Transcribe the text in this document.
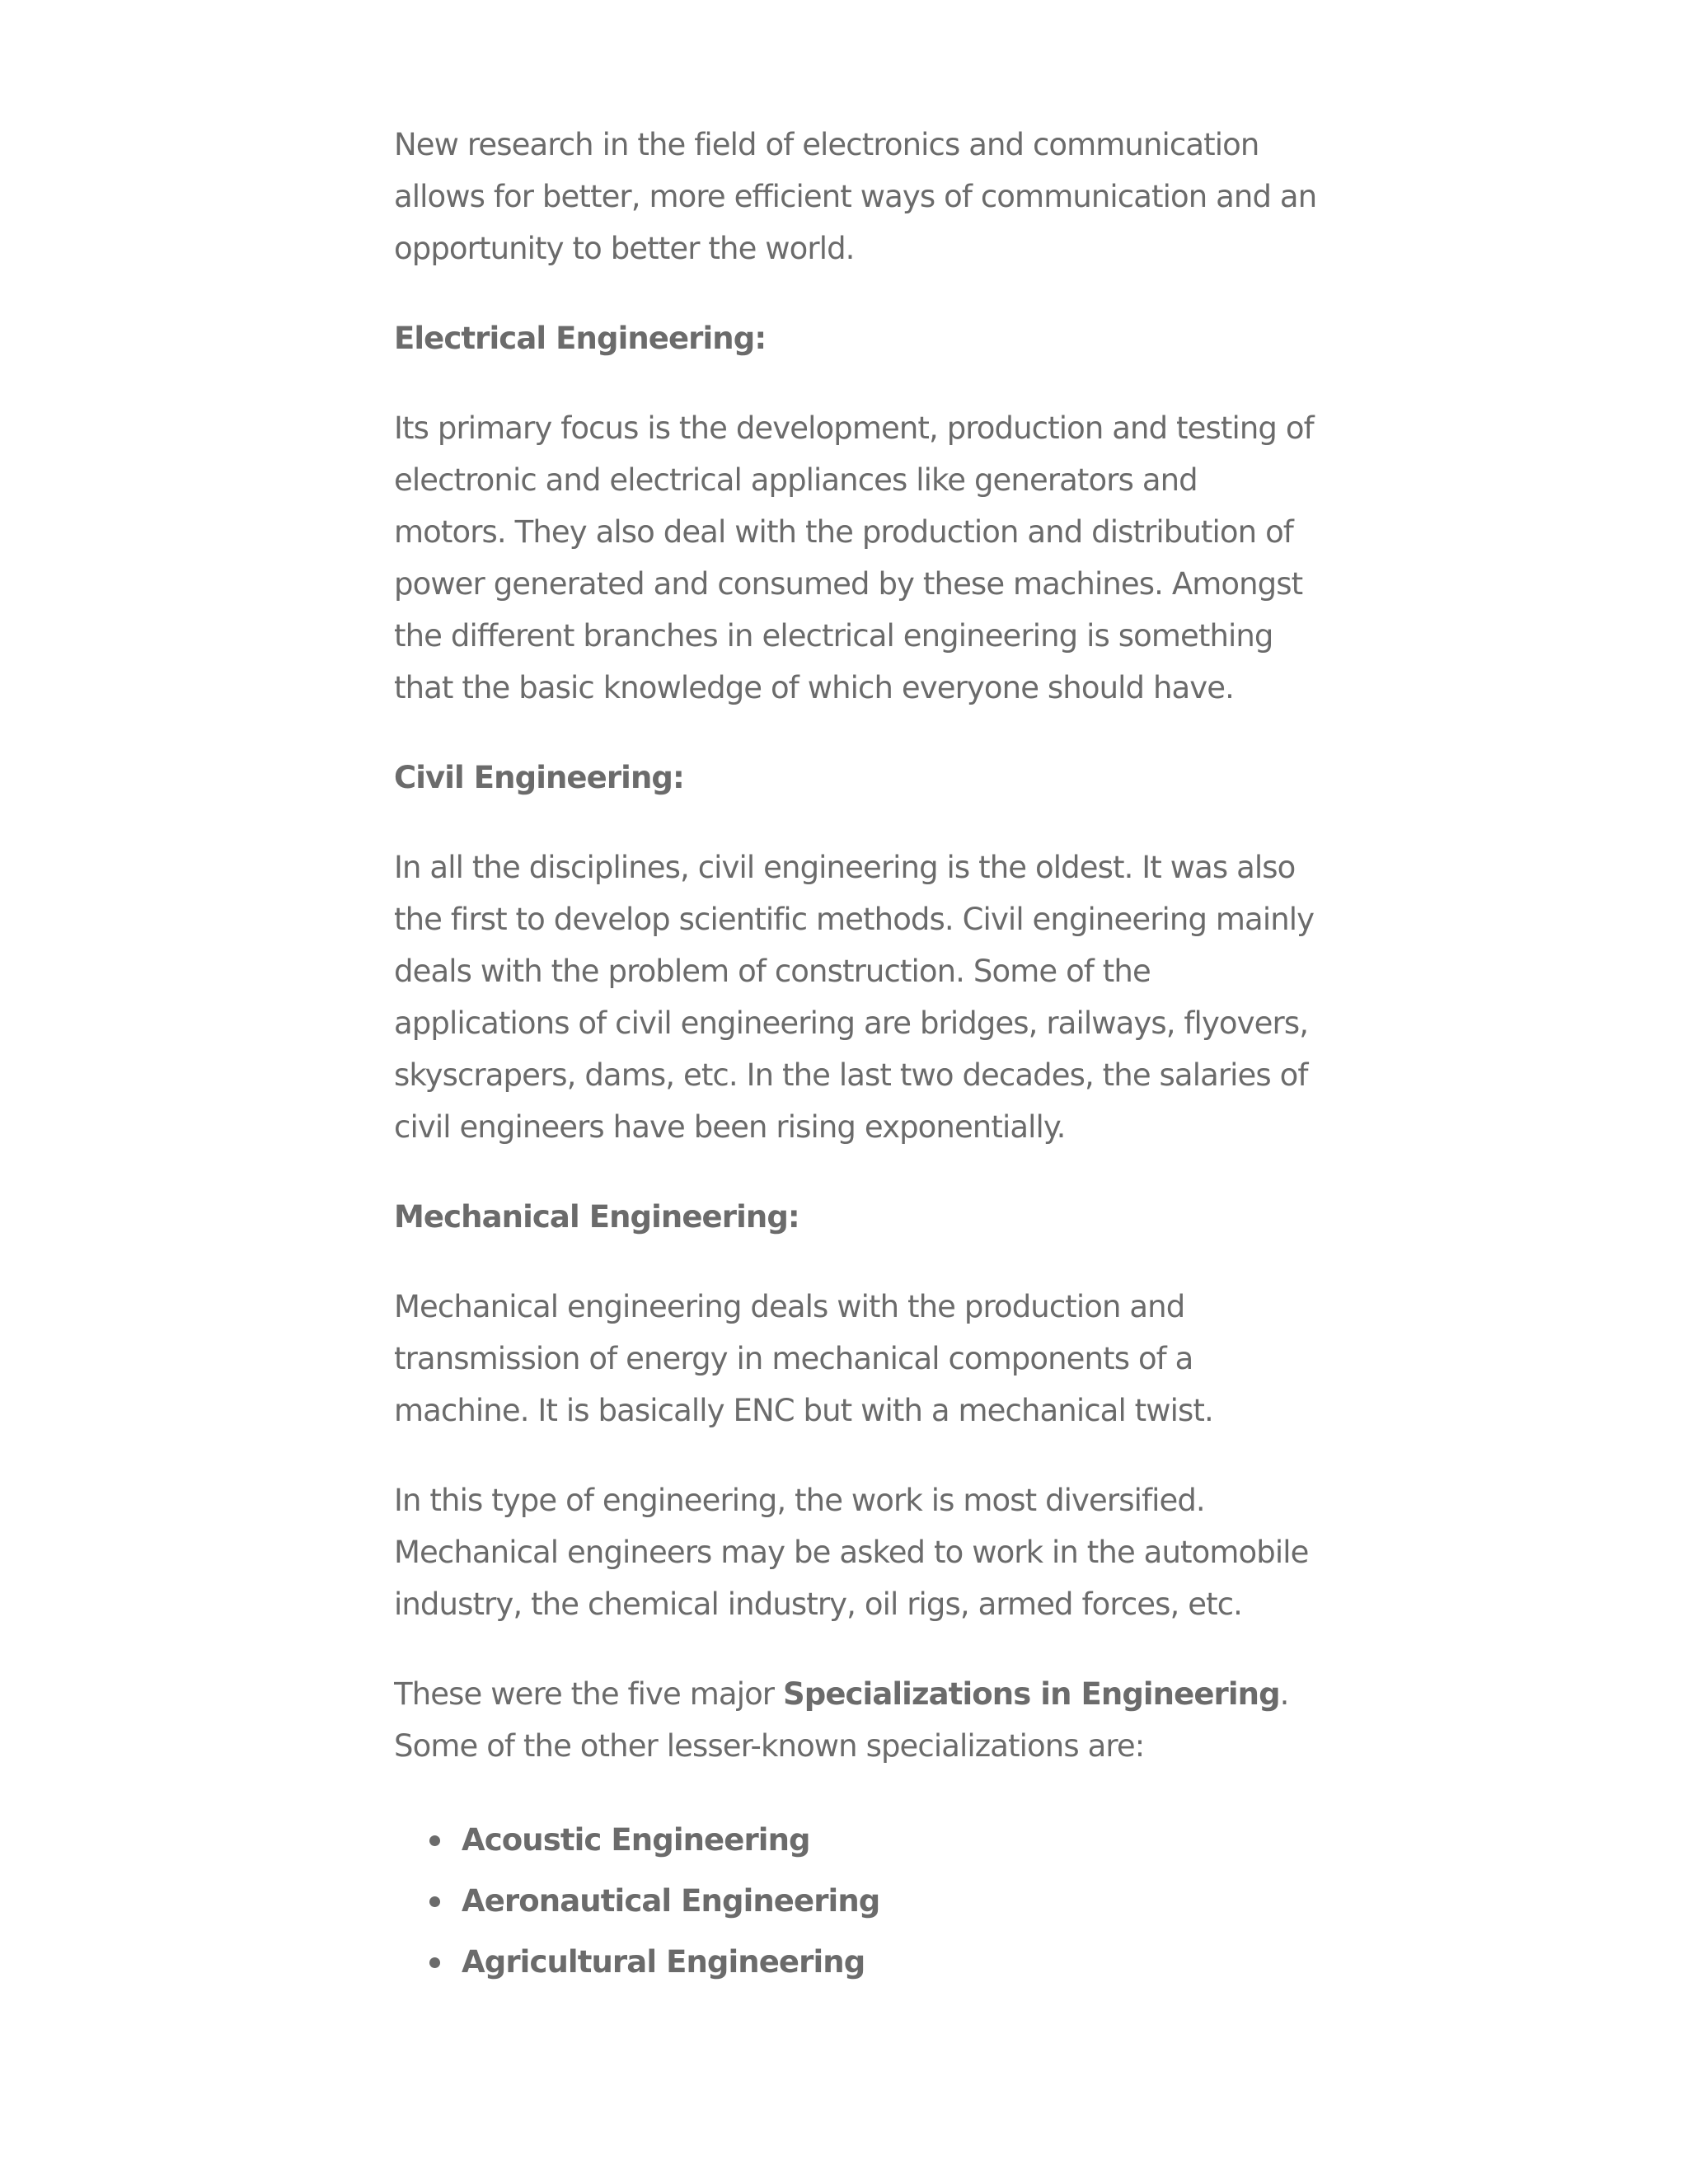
New research in the field of electronics and communication allows for better, more efficient ways of communication and an opportunity to better the world.

Electrical Engineering:

Its primary focus is the development, production and testing of electronic and electrical appliances like generators and motors. They also deal with the production and distribution of power generated and consumed by these machines. Amongst the different branches in electrical engineering is something that the basic knowledge of which everyone should have.

Civil Engineering:

In all the disciplines, civil engineering is the oldest. It was also the first to develop scientific methods. Civil engineering mainly deals with the problem of construction. Some of the applications of civil engineering are bridges, railways, flyovers, skyscrapers, dams, etc. In the last two decades, the salaries of civil engineers have been rising exponentially.

Mechanical Engineering:

Mechanical engineering deals with the production and transmission of energy in mechanical components of a machine. It is basically ENC but with a mechanical twist.

In this type of engineering, the work is most diversified. Mechanical engineers may be asked to work in the automobile industry, the chemical industry, oil rigs, armed forces, etc.

These were the five major Specializations in Engineering. Some of the other lesser-known specializations are:

Acoustic Engineering
Aeronautical Engineering
Agricultural Engineering
